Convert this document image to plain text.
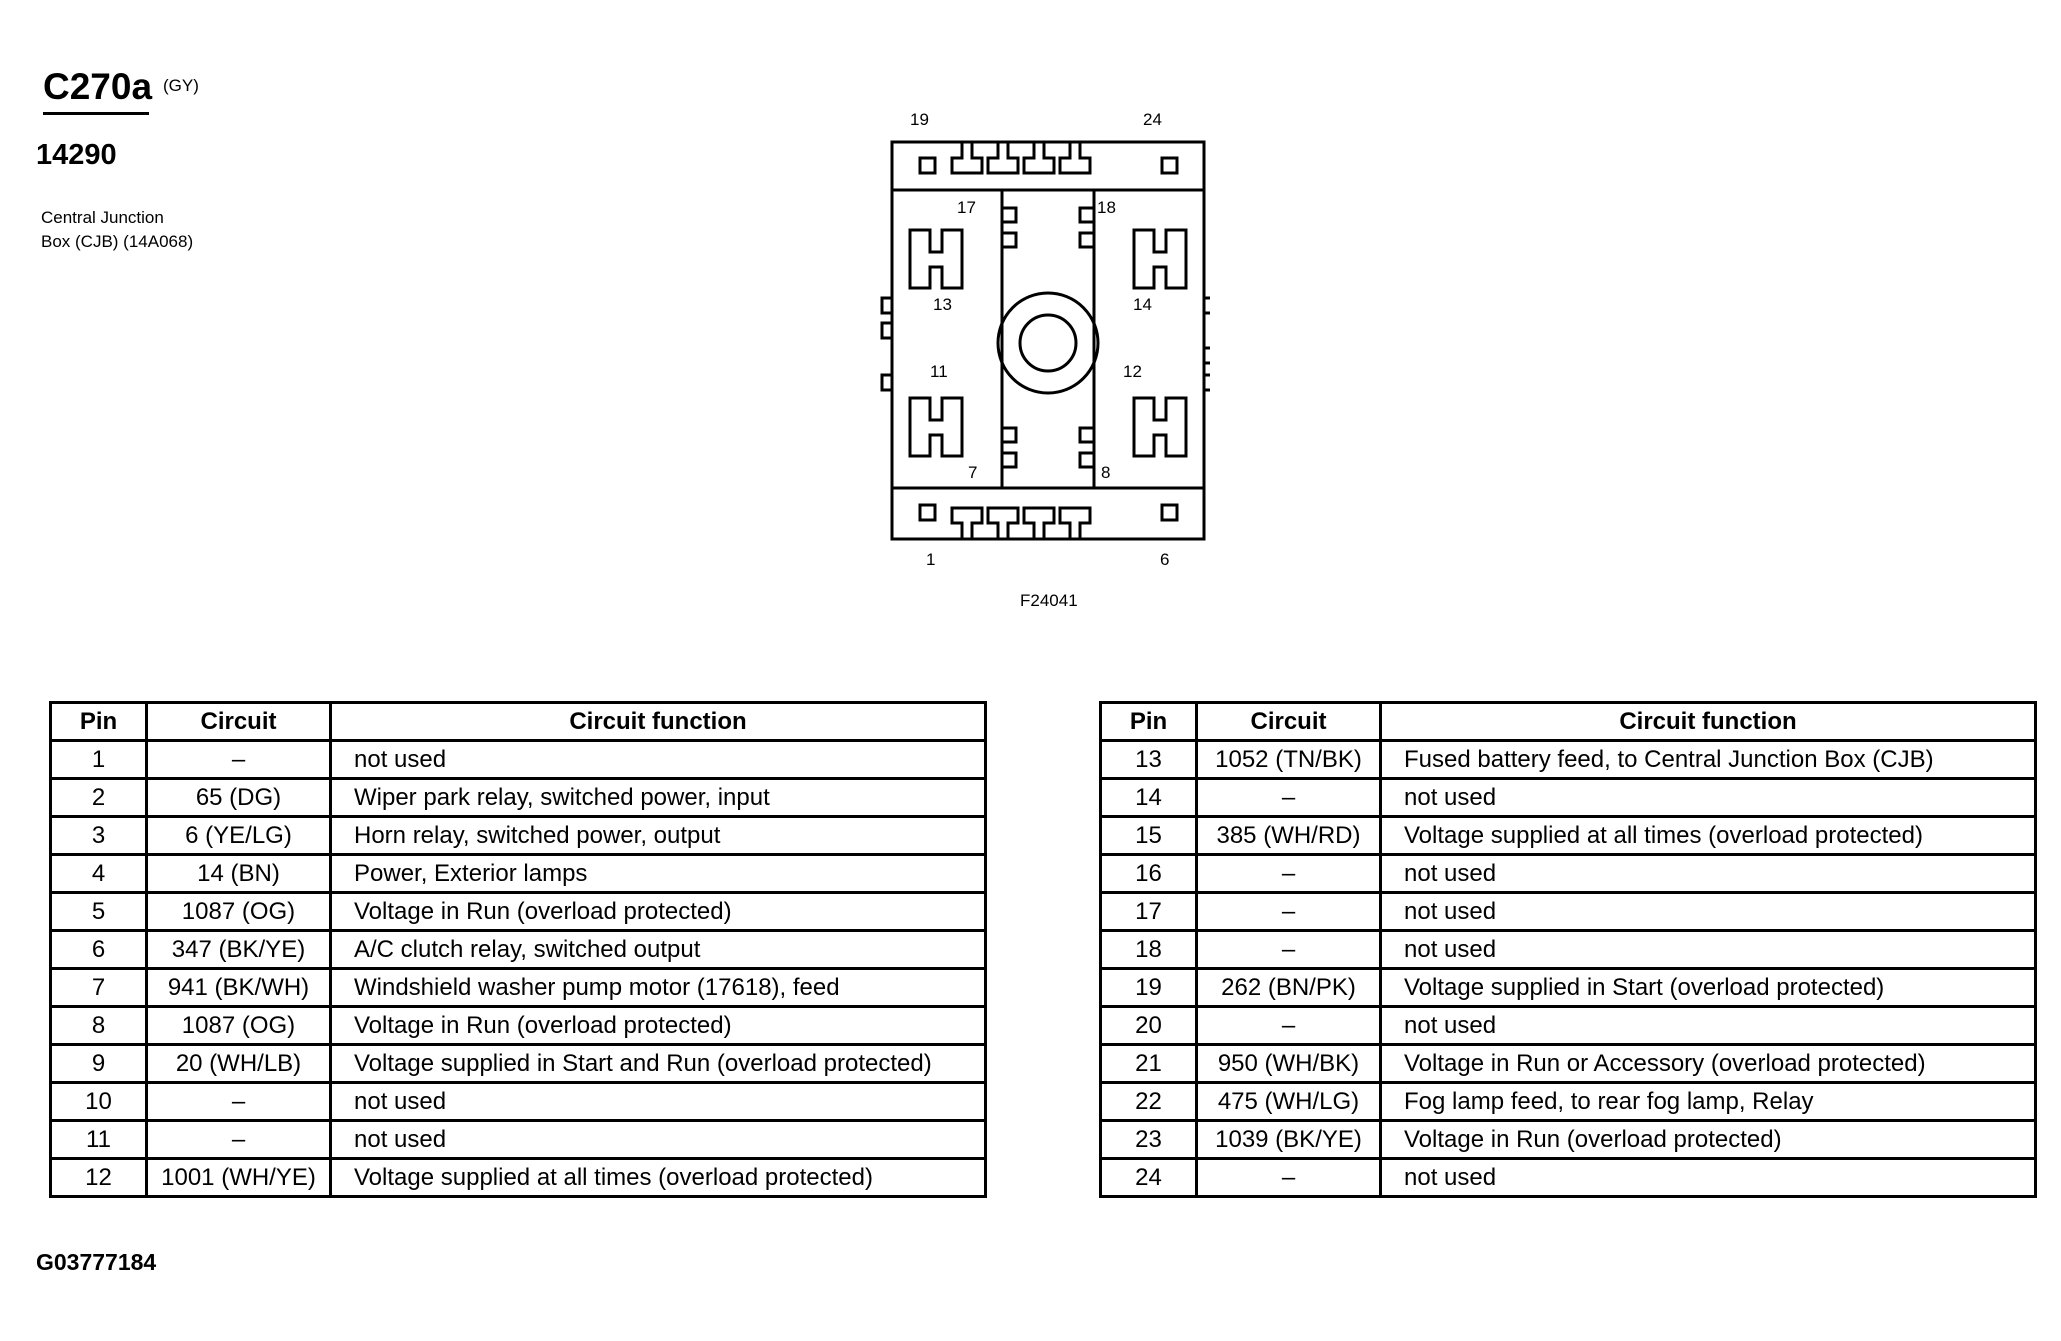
C270a (GY)
14290
Central Junction
Box (CJB) (14A068)
19	24
17	18
13	14
11	12
7	8
1	6
F24041
Pin	Circuit	Circuit function
1	–	not used
2	65 (DG)	Wiper park relay, switched power, input
3	6 (YE/LG)	Horn relay, switched power, output
4	14 (BN)	Power, Exterior lamps
5	1087 (OG)	Voltage in Run (overload protected)
6	347 (BK/YE)	A/C clutch relay, switched output
7	941 (BK/WH)	Windshield washer pump motor (17618), feed
8	1087 (OG)	Voltage in Run (overload protected)
9	20 (WH/LB)	Voltage supplied in Start and Run (overload protected)
10	–	not used
11	–	not used
12	1001 (WH/YE)	Voltage supplied at all times (overload protected)
Pin	Circuit	Circuit function
13	1052 (TN/BK)	Fused battery feed, to Central Junction Box (CJB)
14	–	not used
15	385 (WH/RD)	Voltage supplied at all times (overload protected)
16	–	not used
17	–	not used
18	–	not used
19	262 (BN/PK)	Voltage supplied in Start (overload protected)
20	–	not used
21	950 (WH/BK)	Voltage in Run or Accessory (overload protected)
22	475 (WH/LG)	Fog lamp feed, to rear fog lamp, Relay
23	1039 (BK/YE)	Voltage in Run (overload protected)
24	–	not used
G03777184
